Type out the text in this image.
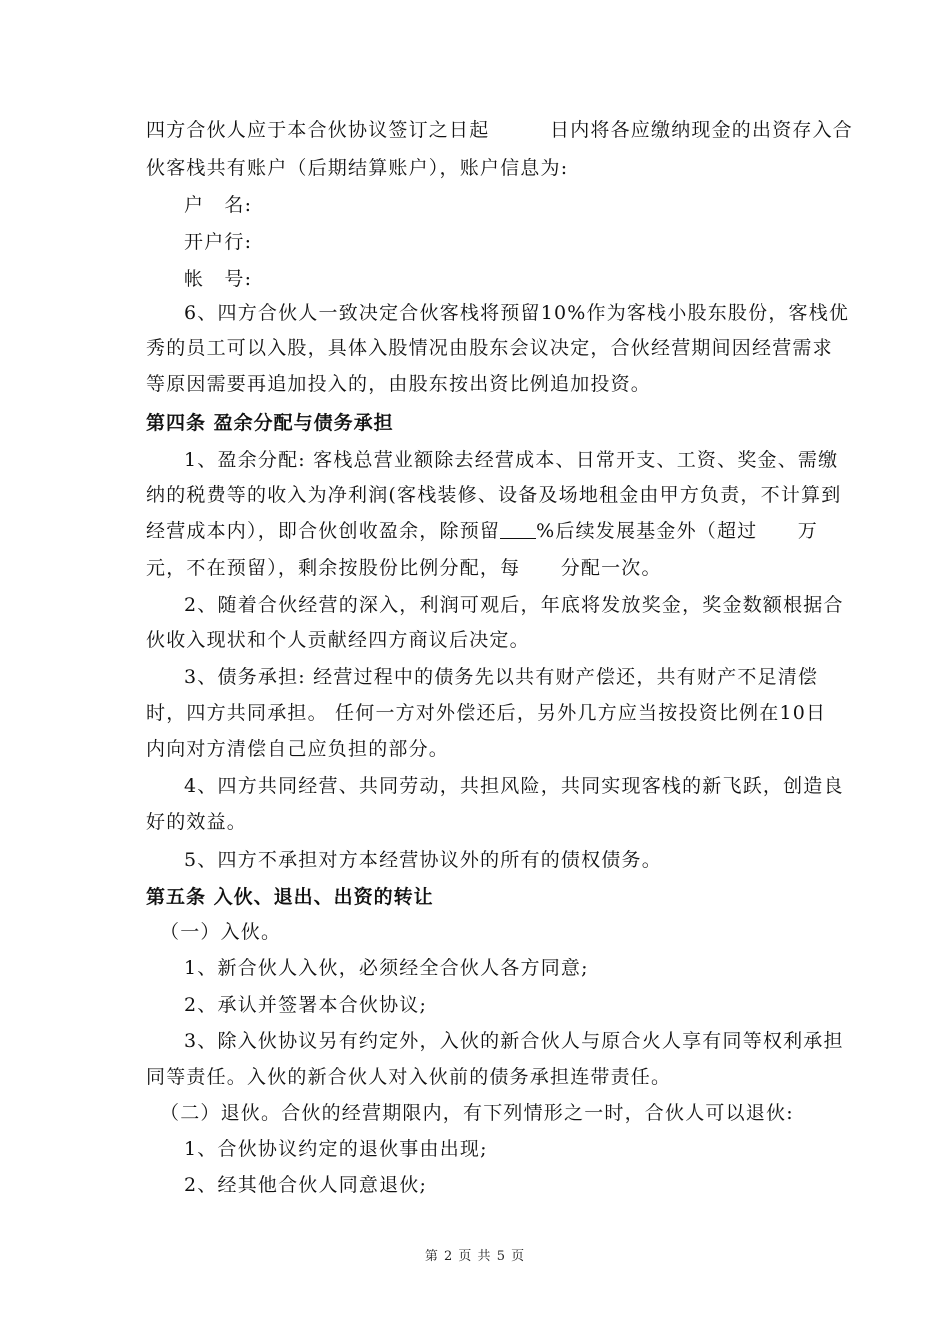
四方合伙人应于本合伙协议签订之日起　　　日内将各应缴纳现金的出资存入合
伙客栈共有账户（后期结算账户），账户信息为:
户　名:
开户行:
帐　号:
6、四方合伙人一致决定合伙客栈将预留10%作为客栈小股东股份，客栈优
秀的员工可以入股，具体入股情况由股东会议决定，合伙经营期间因经营需求
等原因需要再追加投入的，由股东按出资比例追加投资。
第四条 盈余分配与债务承担
1、盈余分配: 客栈总营业额除去经营成本、日常开支、工资、奖金、需缴
纳的税费等的收入为净利润(客栈装修、设备及场地租金由甲方负责，不计算到
经营成本内），即合伙创收盈余，除预留 %后续发展基金外（超过　　万
元，不在预留），剩余按股份比例分配，每　　分配一次。
2、随着合伙经营的深入，利润可观后，年底将发放奖金，奖金数额根据合
伙收入现状和个人贡献经四方商议后决定。
3、债务承担: 经营过程中的债务先以共有财产偿还，共有财产不足清偿
时，四方共同承担。 任何一方对外偿还后，另外几方应当按投资比例在10日
内向对方清偿自己应负担的部分。
4、四方共同经营、共同劳动，共担风险，共同实现客栈的新飞跃，创造良
好的效益。
5、四方不承担对方本经营协议外的所有的债权债务。
第五条 入伙、退出、出资的转让
（一）入伙。
1、新合伙人入伙，必须经全合伙人各方同意;
2、承认并签署本合伙协议;
3、除入伙协议另有约定外，入伙的新合伙人与原合火人享有同等权利承担
同等责任。入伙的新合伙人对入伙前的债务承担连带责任。
（二）退伙。合伙的经营期限内，有下列情形之一时，合伙人可以退伙:
1、合伙协议约定的退伙事由出现;
2、经其他合伙人同意退伙;
第 2 页 共 5 页
